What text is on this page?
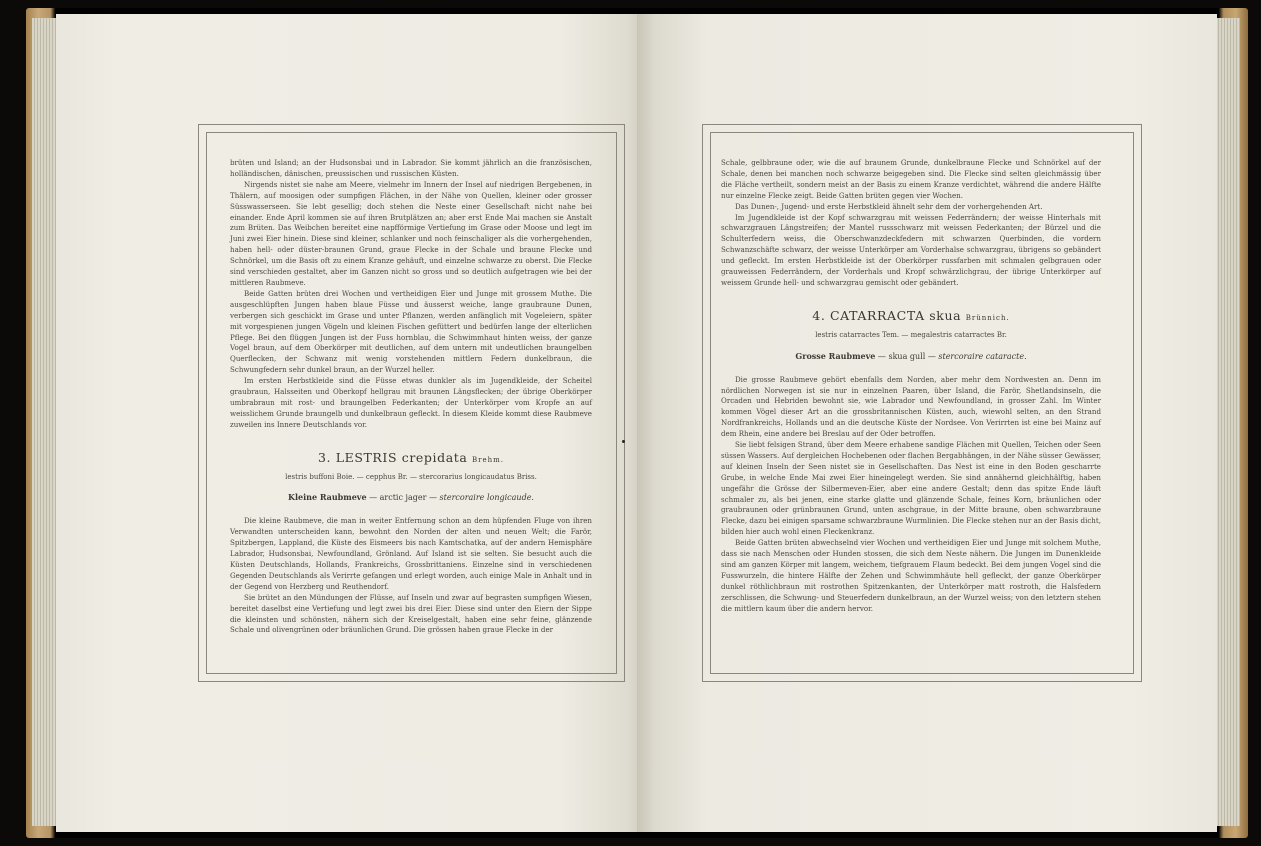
brüten und Island; an der Hudsonsbai und in Labrador. Sie kommt jährlich an die französischen, holländischen, dänischen, preussischen und russischen Küsten.

Nirgends nistet sie nahe am Meere, vielmehr im Innern der Insel auf niedrigen Bergebenen, in Thälern, auf moosigen oder sumpfigen Flächen, in der Nähe von Quellen, kleiner oder grosser Süsswasserseen. Sie lebt gesellig; doch stehen die Neste einer Gesellschaft nicht nahe bei einander. Ende April kommen sie auf ihren Brutplätzen an; aber erst Ende Mai machen sie Anstalt zum Brüten. Das Weibchen bereitet eine napfförmige Vertiefung im Grase oder Moose und legt im Juni zwei Eier hinein. Diese sind kleiner, schlanker und noch feinschaliger als die vorhergehenden, haben hell- oder düster-braunen Grund, graue Flecke in der Schale und braune Flecke und Schnörkel, um die Basis oft zu einem Kranze gehäuft, und einzelne schwarze zu oberst. Die Flecke sind verschieden gestaltet, aber im Ganzen nicht so gross und so deutlich aufgetragen wie bei der mittleren Raubmeve.

Beide Gatten brüten drei Wochen und vertheidigen Eier und Junge mit grossem Muthe. Die ausgeschlüpften Jungen haben blaue Füsse und äusserst weiche, lange graubraune Dunen, verbergen sich geschickt im Grase und unter Pflanzen, werden anfänglich mit Vogeleiern, später mit vorgespienen jungen Vögeln und kleinen Fischen gefüttert und bedürfen lange der elterlichen Pflege. Bei den flüggen Jungen ist der Fuss hornblau, die Schwimmhaut hinten weiss, der ganze Vogel braun, auf dem Oberkörper mit deutlichen, auf dem untern mit undeutlichen braungelben Querflecken, der Schwanz mit wenig vorstehenden mittlern Federn dunkelbraun, die Schwungfedern sehr dunkel braun, an der Wurzel heller.

Im ersten Herbstkleide sind die Füsse etwas dunkler als im Jugendkleide, der Scheitel graubraun, Halsseiten und Oberkopf hellgrau mit braunen Längsflecken; der übrige Oberkörper umbrabraun mit rost- und braungelben Federkanten; der Unterkörper vom Kropfe an auf weisslichem Grunde braungelb und dunkelbraun gefleckt. In diesem Kleide kommt diese Raubmeve zuweilen ins Innere Deutschlands vor.

3. LESTRIS crepidata Brehm.
lestris buffoni Boie. — cepphus Br. — stercorarius longicaudatus Briss.
Kleine Raubmeve — arctic jager — stercoraire longicaude.

Die kleine Raubmeve, die man in weiter Entfernung schon an dem hüpfenden Fluge von ihren Verwandten unterscheiden kann, bewohnt den Norden der alten und neuen Welt; die Farör, Spitzbergen, Lappland, die Küste des Eismeers bis nach Kamtschatka, auf der andern Hemisphäre Labrador, Hudsonsbai, Newfoundland, Grönland. Auf Island ist sie selten. Sie besucht auch die Küsten Deutschlands, Hollands, Frankreichs, Grossbrittaniens. Einzelne sind in verschiedenen Gegenden Deutschlands als Verirrte gefangen und erlegt worden, auch einige Male in Anhalt und in der Gegend von Herzberg und Reuthendorf.

Sie brütet an den Mündungen der Flüsse, auf Inseln und zwar auf begrasten sumpfigen Wiesen, bereitet daselbst eine Vertiefung und legt zwei bis drei Eier. Diese sind unter den Eiern der Sippe die kleinsten und schönsten, nähern sich der Kreiselgestalt, haben eine sehr feine, glänzende Schale und olivengrünen oder bräunlichen Grund. Die grössen haben graue Flecke in der

Schale, gelbbraune oder, wie die auf braunem Grunde, dunkelbraune Flecke und Schnörkel auf der Schale, denen bei manchen noch schwarze beigegeben sind. Die Flecke sind selten gleichmässig über die Fläche vertheilt, sondern meist an der Basis zu einem Kranze verdichtet, während die andere Hälfte nur einzelne Flecke zeigt. Beide Gatten brüten gegen vier Wochen.

Das Dunen-, Jugend- und erste Herbstkleid ähnelt sehr dem der vorhergehenden Art.

Im Jugendkleide ist der Kopf schwarzgrau mit weissen Federrändern; der weisse Hinterhals mit schwarzgrauen Längstreifen; der Mantel russschwarz mit weissen Federkanten; der Bürzel und die Schulterfedern weiss, die Oberschwanzdeckfedern mit schwarzen Querbinden, die vordern Schwanzschäfte schwarz, der weisse Unterkörper am Vorderhalse schwarzgrau, übrigens so gebändert und gefleckt. Im ersten Herbstkleide ist der Oberkörper russfarben mit schmalen gelbgrauen oder grauweissen Federrändern, der Vorderhals und Kropf schwärzlichgrau, der übrige Unterkörper auf weissem Grunde hell- und schwarzgrau gemischt oder gebändert.

4. CATARRACTA skua Brünnich.
lestris catarractes Tem. — megalestris catarractes Br.
Grosse Raubmeve — skua gull — stercoraire cataracte.

Die grosse Raubmeve gehört ebenfalls dem Norden, aber mehr dem Nordwesten an. Denn im nördlichen Norwegen ist sie nur in einzelnen Paaren, über Island, die Farör, Shetlandsinseln, die Orcaden und Hebriden bewohnt sie, wie Labrador und Newfoundland, in grosser Zahl. Im Winter kommen Vögel dieser Art an die grossbritannischen Küsten, auch, wiewohl selten, an den Strand Nordfrankreichs, Hollands und an die deutsche Küste der Nordsee. Von Verirrten ist eine bei Mainz auf dem Rhein, eine andere bei Breslau auf der Oder betroffen.

Sie liebt felsigen Strand, über dem Meere erhabene sandige Flächen mit Quellen, Teichen oder Seen süssen Wassers. Auf dergleichen Hochebenen oder flachen Bergabhängen, in der Nähe süsser Gewässer, auf kleinen Inseln der Seen nistet sie in Gesellschaften. Das Nest ist eine in den Boden gescharrte Grube, in welche Ende Mai zwei Eier hineingelegt werden. Sie sind annähernd gleichhälftig, haben ungefähr die Grösse der Silbermeven-Eier, aber eine andere Gestalt; denn das spitze Ende läuft schmaler zu, als bei jenen, eine starke glatte und glänzende Schale, feines Korn, bräunlichen oder graubraunen oder grünbraunen Grund, unten aschgraue, in der Mitte braune, oben schwarzbraune Flecke, dazu bei einigen sparsame schwarzbraune Wurmlinien. Die Flecke stehen nur an der Basis dicht, bilden hier auch wohl einen Fleckenkranz.

Beide Gatten brüten abwechselnd vier Wochen und vertheidigen Eier und Junge mit solchem Muthe, dass sie nach Menschen oder Hunden stossen, die sich dem Neste nähern. Die Jungen im Dunenkleide sind am ganzen Körper mit langem, weichem, tiefgrauem Flaum bedeckt. Bei dem jungen Vogel sind die Fusswurzeln, die hintere Hälfte der Zehen und Schwimmhäute hell gefleckt, der ganze Oberkörper dunkel röthlichbraun mit rostrothen Spitzenkanten, der Unterkörper matt rostroth, die Halsfedern zerschlissen, die Schwung- und Steuerfedern dunkelbraun, an der Wurzel weiss; von den letztern stehen die mittlern kaum über die andern hervor.
